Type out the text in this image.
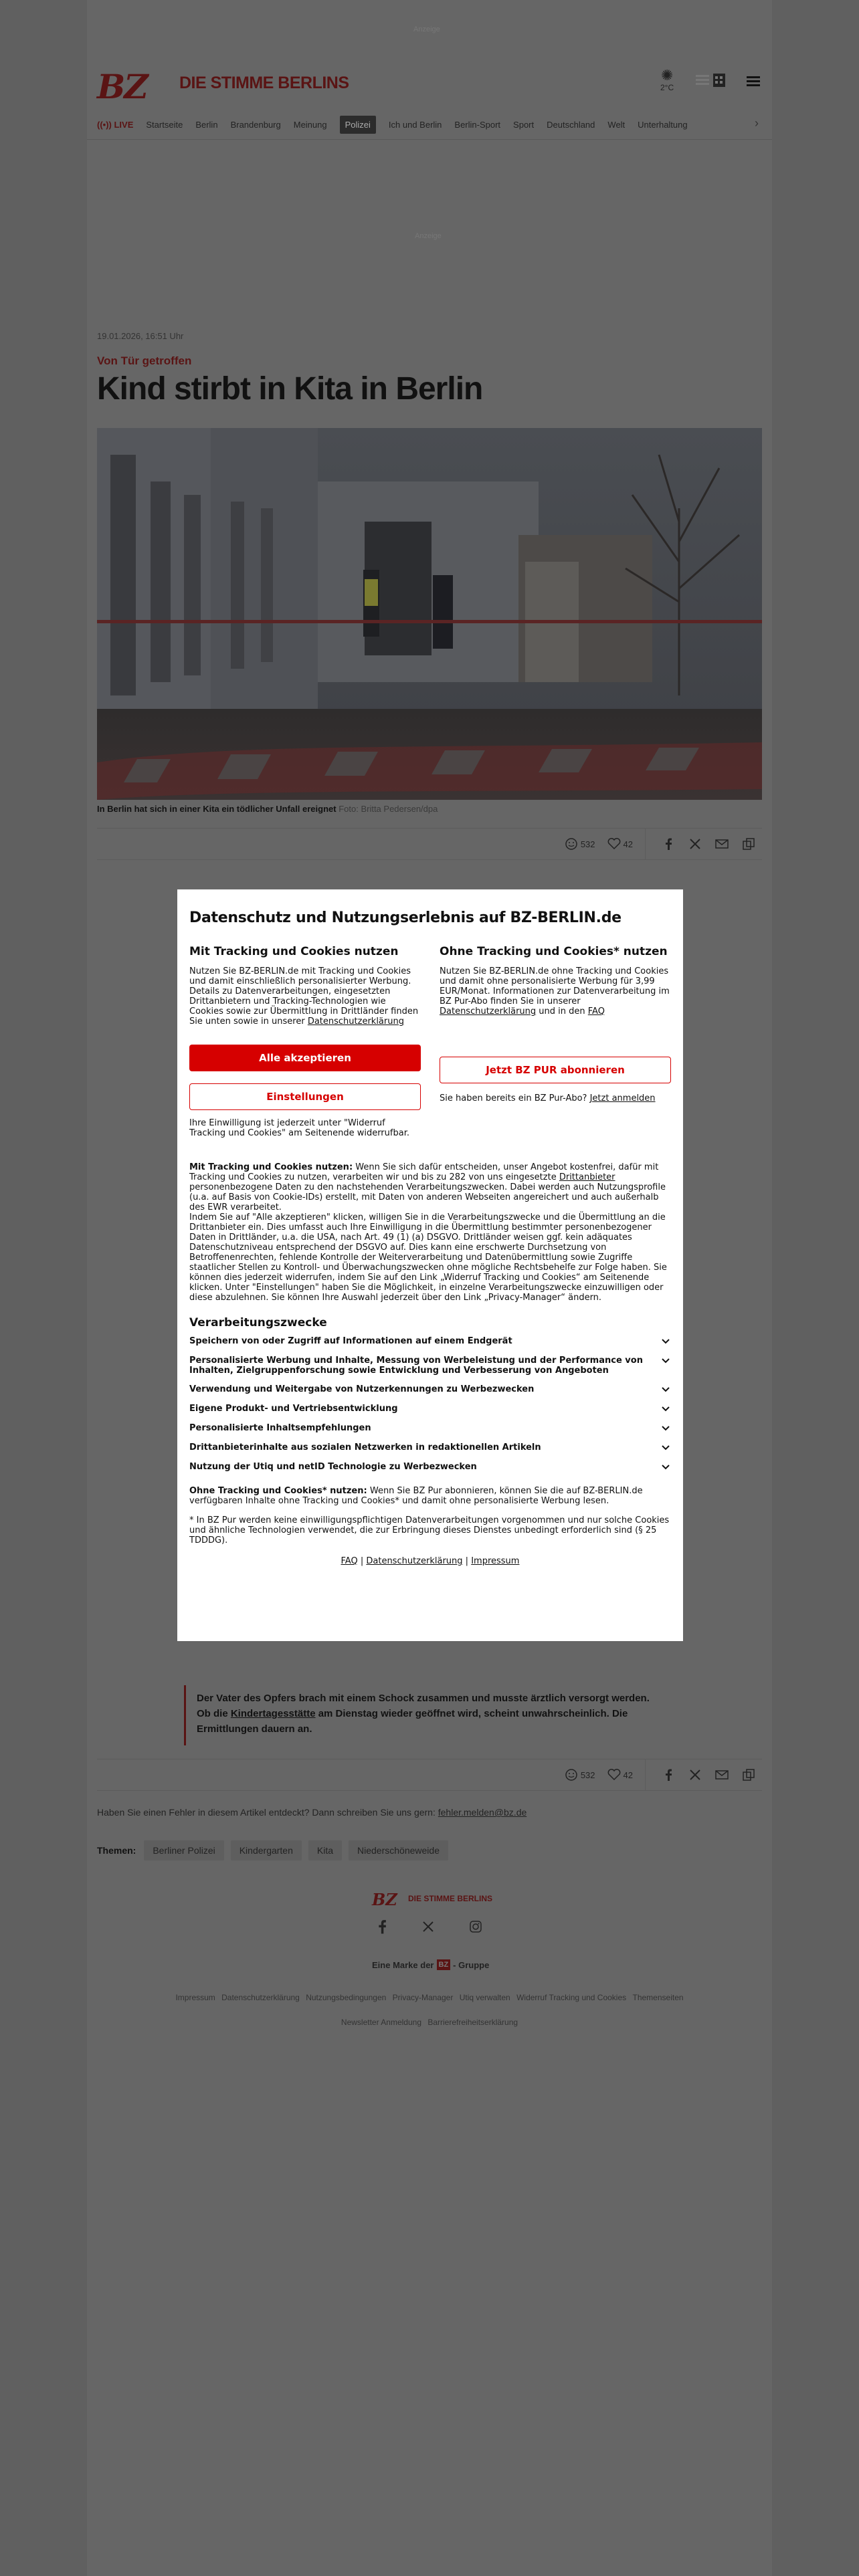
Anzeige
BZ DIE STIMME BERLINS	✺
2°C
((•)) LIVE Startseite Berlin Brandenburg Meinung	Polizei	Ich und Berlin Berlin-Sport Sport Deutschland Welt Unterhaltung	›
Anzeige
19.01.2026, 16:51 Uhr
Von Tür getroffen
Kind stirbt in Kita in Berlin
In Berlin hat sich in einer Kita ein tödlicher Unfall ereignet Foto: Britta Pedersen/dpa
532	42
Der Vater des Opfers brach mit einem Schock zusammen und musste ärztlich versorgt werden. Ob die Kindertagesstätte am Dienstag wieder geöffnet wird, scheint unwahrscheinlich. Die Ermittlungen dauern an.
532	42
Haben Sie einen Fehler in diesem Artikel entdeckt? Dann schreiben Sie uns gern: fehler.melden@bz.de
Themen:	Berliner Polizei	Kindergarten	Kita	Niederschöneweide
BZ DIE STIMME BERLINS
Eine Marke der BZ - Gruppe
Impressum Datenschutzerklärung Nutzungsbedingungen Privacy-Manager Utiq verwalten Widerruf Tracking und Cookies Themenseiten
Newsletter Anmeldung Barrierefreiheitserklärung
Datenschutz und Nutzungserlebnis auf BZ-BERLIN.de
Mit Tracking und Cookies nutzen

Nutzen Sie BZ-BERLIN.de mit Tracking und Cookies und damit einschließlich personalisierter Werbung. Details zu Datenverarbeitungen, eingesetzten Drittanbietern und Tracking-Technologien wie Cookies sowie zur Übermittlung in Drittländer finden Sie unten sowie in unserer Datenschutzerklärung

Alle akzeptieren
Einstellungen

Ihre Einwilligung ist jederzeit unter "Widerruf Tracking und Cookies" am Seitenende widerrufbar.

Ohne Tracking und Cookies* nutzen

Nutzen Sie BZ-BERLIN.de ohne Tracking und Cookies und damit ohne personalisierte Werbung für 3,99 EUR/Monat. Informationen zur Datenverarbeitung im BZ Pur-Abo finden Sie in unserer Datenschutzerklärung und in den FAQ

Jetzt BZ PUR abonnieren

Sie haben bereits ein BZ Pur-Abo? Jetzt anmelden

Mit Tracking und Cookies nutzen: Wenn Sie sich dafür entscheiden, unser Angebot kostenfrei, dafür mit Tracking und Cookies zu nutzen, verarbeiten wir und bis zu 282 von uns eingesetzte Drittanbieter personenbezogene Daten zu den nachstehenden Verarbeitungszwecken. Dabei werden auch Nutzungsprofile (u.a. auf Basis von Cookie-IDs) erstellt, mit Daten von anderen Webseiten angereichert und auch außerhalb des EWR verarbeitet.
Indem Sie auf "Alle akzeptieren" klicken, willigen Sie in die Verarbeitungszwecke und die Übermittlung an die Drittanbieter ein. Dies umfasst auch Ihre Einwilligung in die Übermittlung bestimmter personenbezogener Daten in Drittländer, u.a. die USA, nach Art. 49 (1) (a) DSGVO. Drittländer weisen ggf. kein adäquates Datenschutzniveau entsprechend der DSGVO auf. Dies kann eine erschwerte Durchsetzung von Betroffenenrechten, fehlende Kontrolle der Weiterverarbeitung und Datenübermittlung sowie Zugriffe staatlicher Stellen zu Kontroll- und Überwachungszwecken ohne mögliche Rechtsbehelfe zur Folge haben. Sie können dies jederzeit widerrufen, indem Sie auf den Link „Widerruf Tracking und Cookies“ am Seitenende klicken. Unter "Einstellungen" haben Sie die Möglichkeit, in einzelne Verarbeitungszwecke einzuwilligen oder diese abzulehnen. Sie können Ihre Auswahl jederzeit über den Link „Privacy-Manager“ ändern.

Verarbeitungszwecke
Speichern von oder Zugriff auf Informationen auf einem Endgerät
Personalisierte Werbung und Inhalte, Messung von Werbeleistung und der Performance von Inhalten, Zielgruppenforschung sowie Entwicklung und Verbesserung von Angeboten
Verwendung und Weitergabe von Nutzerkennungen zu Werbezwecken
Eigene Produkt- und Vertriebsentwicklung
Personalisierte Inhaltsempfehlungen
Drittanbieterinhalte aus sozialen Netzwerken in redaktionellen Artikeln
Nutzung der Utiq und netID Technologie zu Werbezwecken

Ohne Tracking und Cookies* nutzen: Wenn Sie BZ Pur abonnieren, können Sie die auf BZ-BERLIN.de verfügbaren Inhalte ohne Tracking und Cookies* und damit ohne personalisierte Werbung lesen.

* In BZ Pur werden keine einwilligungspflichtigen Datenverarbeitungen vorgenommen und nur solche Cookies und ähnliche Technologien verwendet, die zur Erbringung dieses Dienstes unbedingt erforderlich sind (§ 25 TDDDG).

FAQ | Datenschutzerklärung | Impressum
